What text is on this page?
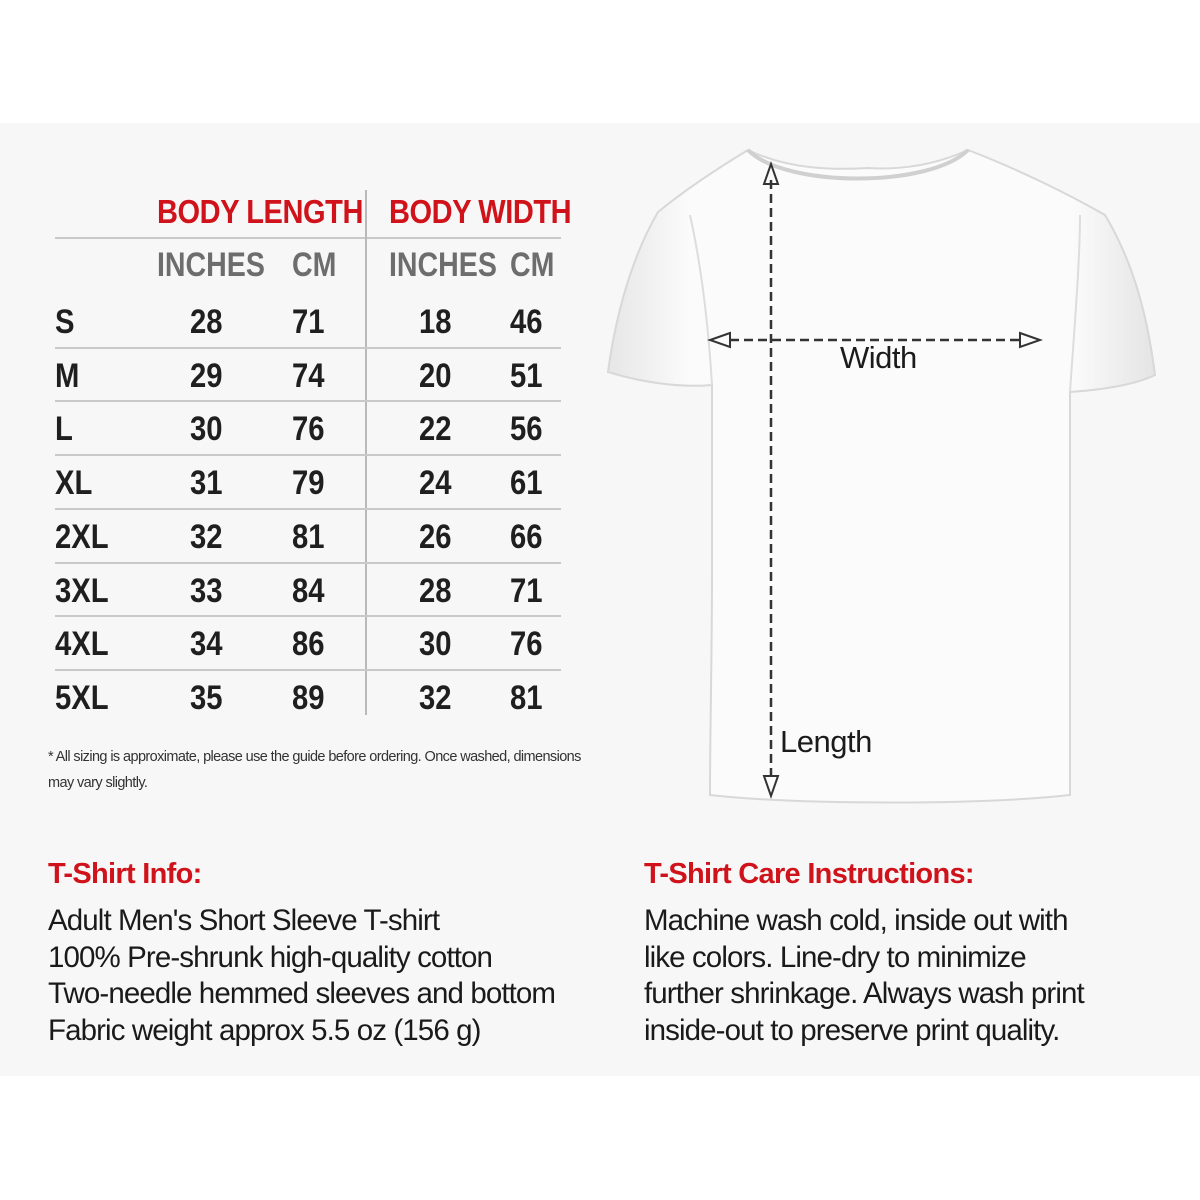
BODY LENGTH BODY WIDTH
INCHES CM INCHES CM
S	28 71	18 46
M	29 74	20 51
L	30 76	22 56
XL	31 79	24 61
2XL 32 81	26 66
3XL 33 84	28 71
4XL 34 86	30 76
5XL 35 89	32 81
* All sizing is approximate, please use the guide before ordering. Once washed, dimensions may vary slightly.
Width
Length
T-Shirt Info:
Adult Men's Short Sleeve T-shirt
100% Pre-shrunk high-quality cotton
Two-needle hemmed sleeves and bottom
Fabric weight approx 5.5 oz (156 g)
T-Shirt Care Instructions:
Machine wash cold, inside out with
like colors. Line-dry to minimize
further shrinkage. Always wash print
inside-out to preserve print quality.
